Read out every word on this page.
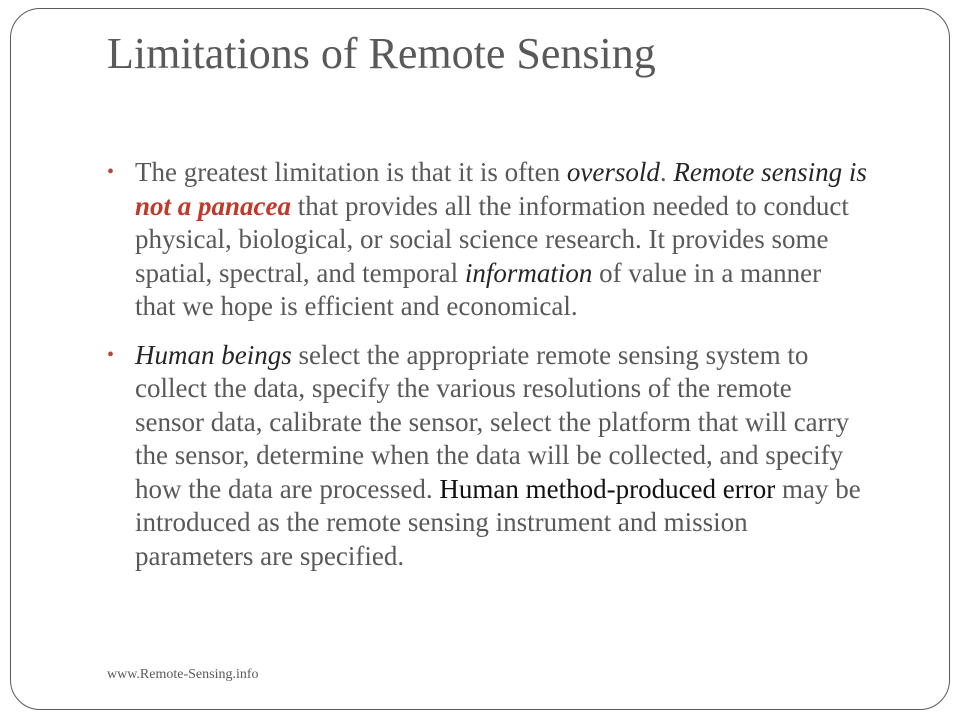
Limitations of Remote Sensing
• The greatest limitation is that it is often oversold. Remote sensing is not a panacea that provides all the information needed to conduct physical, biological, or social science research. It provides some spatial, spectral, and temporal information of value in a manner that we hope is efficient and economical.
• Human beings select the appropriate remote sensing system to collect the data, specify the various resolutions of the remote sensor data, calibrate the sensor, select the platform that will carry the sensor, determine when the data will be collected, and specify how the data are processed. Human method-produced error may be introduced as the remote sensing instrument and mission parameters are specified.
www.Remote-Sensing.info
